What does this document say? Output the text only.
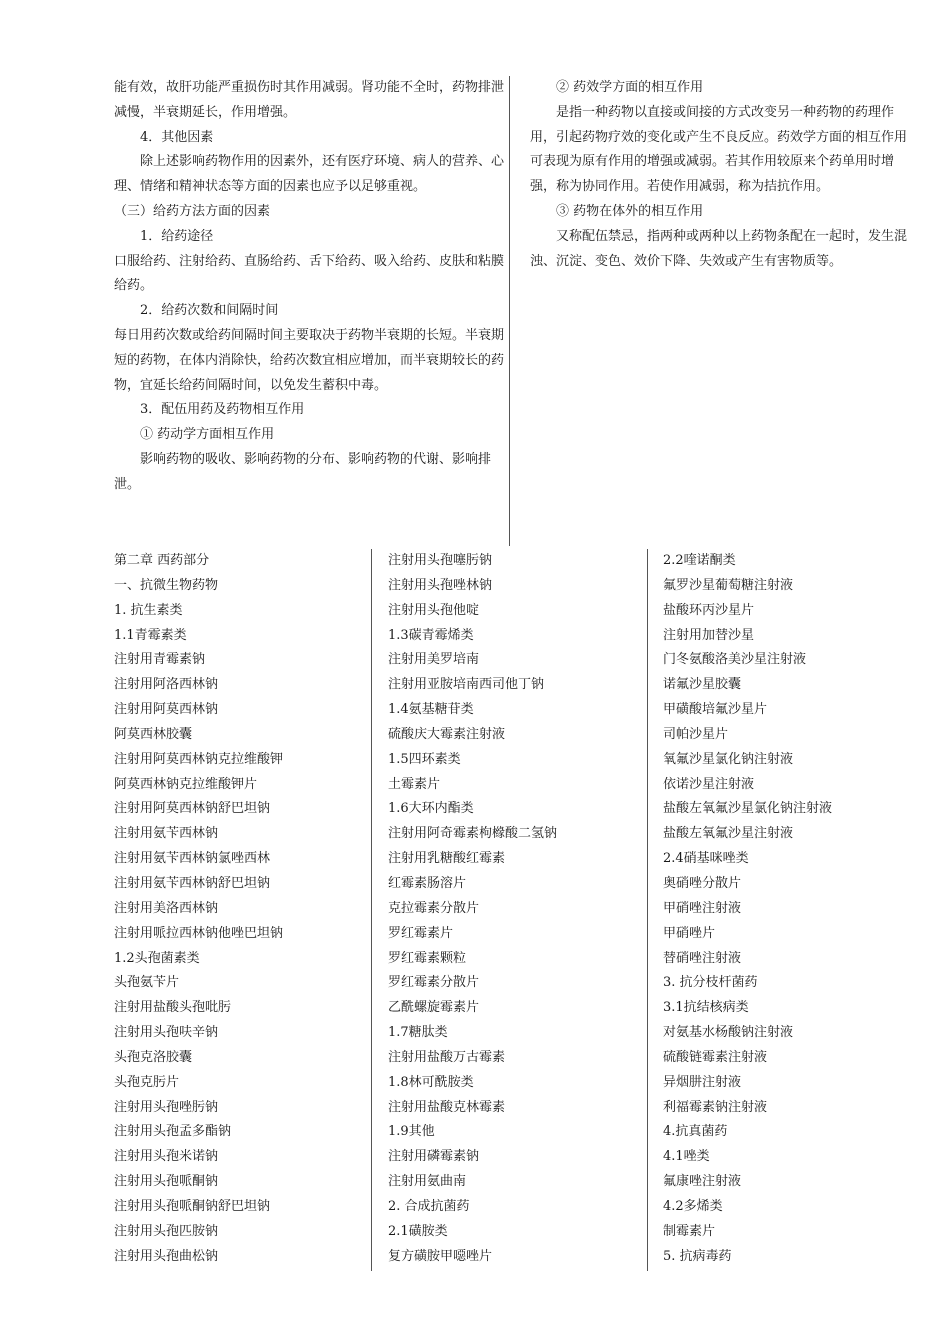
能有效，故肝功能严重损伤时其作用减弱。肾功能不全时，药物排泄减慢，半衰期延长，作用增强。

4．其他因素

除上述影响药物作用的因素外，还有医疗环境、病人的营养、心理、情绪和精神状态等方面的因素也应予以足够重视。

（三）给药方法方面的因素

1．给药途径

口服给药、注射给药、直肠给药、舌下给药、吸入给药、皮肤和粘膜给药。

2．给药次数和间隔时间

每日用药次数或给药间隔时间主要取决于药物半衰期的长短。半衰期短的药物，在体内消除快，给药次数宜相应增加，而半衰期较长的药物，宜延长给药间隔时间，以免发生蓄积中毒。

3．配伍用药及药物相互作用

① 药动学方面相互作用

影响药物的吸收、影响药物的分布、影响药物的代谢、影响排泄。

② 药效学方面的相互作用

是指一种药物以直接或间接的方式改变另一种药物的药理作用，引起药物疗效的变化或产生不良反应。药效学方面的相互作用可表现为原有作用的增强或减弱。若其作用较原来个药单用时增强，称为协同作用。若使作用减弱，称为拮抗作用。

③ 药物在体外的相互作用

又称配伍禁忌，指两种或两种以上药物条配在一起时，发生混浊、沉淀、变色、效价下降、失效或产生有害物质等。

第二章 西药部分
一、抗微生物药物
1. 抗生素类
1.1青霉素类
注射用青霉素钠
注射用阿洛西林钠
注射用阿莫西林钠
阿莫西林胶囊
注射用阿莫西林钠克拉维酸钾
阿莫西林钠克拉维酸钾片
注射用阿莫西林钠舒巴坦钠
注射用氨苄西林钠
注射用氨苄西林钠氯唑西林
注射用氨苄西林钠舒巴坦钠
注射用美洛西林钠
注射用哌拉西林钠他唑巴坦钠
1.2头孢菌素类
头孢氨苄片
注射用盐酸头孢吡肟
注射用头孢呋辛钠
头孢克洛胶囊
头孢克肟片
注射用头孢唑肟钠
注射用头孢孟多酯钠
注射用头孢米诺钠
注射用头孢哌酮钠
注射用头孢哌酮钠舒巴坦钠
注射用头孢匹胺钠
注射用头孢曲松钠
注射用头孢噻肟钠
注射用头孢唑林钠
注射用头孢他啶
1.3碳青霉烯类
注射用美罗培南
注射用亚胺培南西司他丁钠
1.4氨基糖苷类
硫酸庆大霉素注射液
1.5四环素类
土霉素片
1.6大环内酯类
注射用阿奇霉素枸橼酸二氢钠
注射用乳糖酸红霉素
红霉素肠溶片
克拉霉素分散片
罗红霉素片
罗红霉素颗粒
罗红霉素分散片
乙酰螺旋霉素片
1.7糖肽类
注射用盐酸万古霉素
1.8林可酰胺类
注射用盐酸克林霉素
1.9其他
注射用磷霉素钠
注射用氨曲南
2. 合成抗菌药
2.1磺胺类
复方磺胺甲噁唑片
2.2喹诺酮类
氟罗沙星葡萄糖注射液
盐酸环丙沙星片
注射用加替沙星
门冬氨酸洛美沙星注射液
诺氟沙星胶囊
甲磺酸培氟沙星片
司帕沙星片
氧氟沙星氯化钠注射液
依诺沙星注射液
盐酸左氧氟沙星氯化钠注射液
盐酸左氧氟沙星注射液
2.4硝基咪唑类
奥硝唑分散片
甲硝唑注射液
甲硝唑片
替硝唑注射液
3. 抗分枝杆菌药
3.1抗结核病类
对氨基水杨酸钠注射液
硫酸链霉素注射液
异烟肼注射液
利福霉素钠注射液
4.抗真菌药
4.1唑类
氟康唑注射液
4.2多烯类
制霉素片
5. 抗病毒药
